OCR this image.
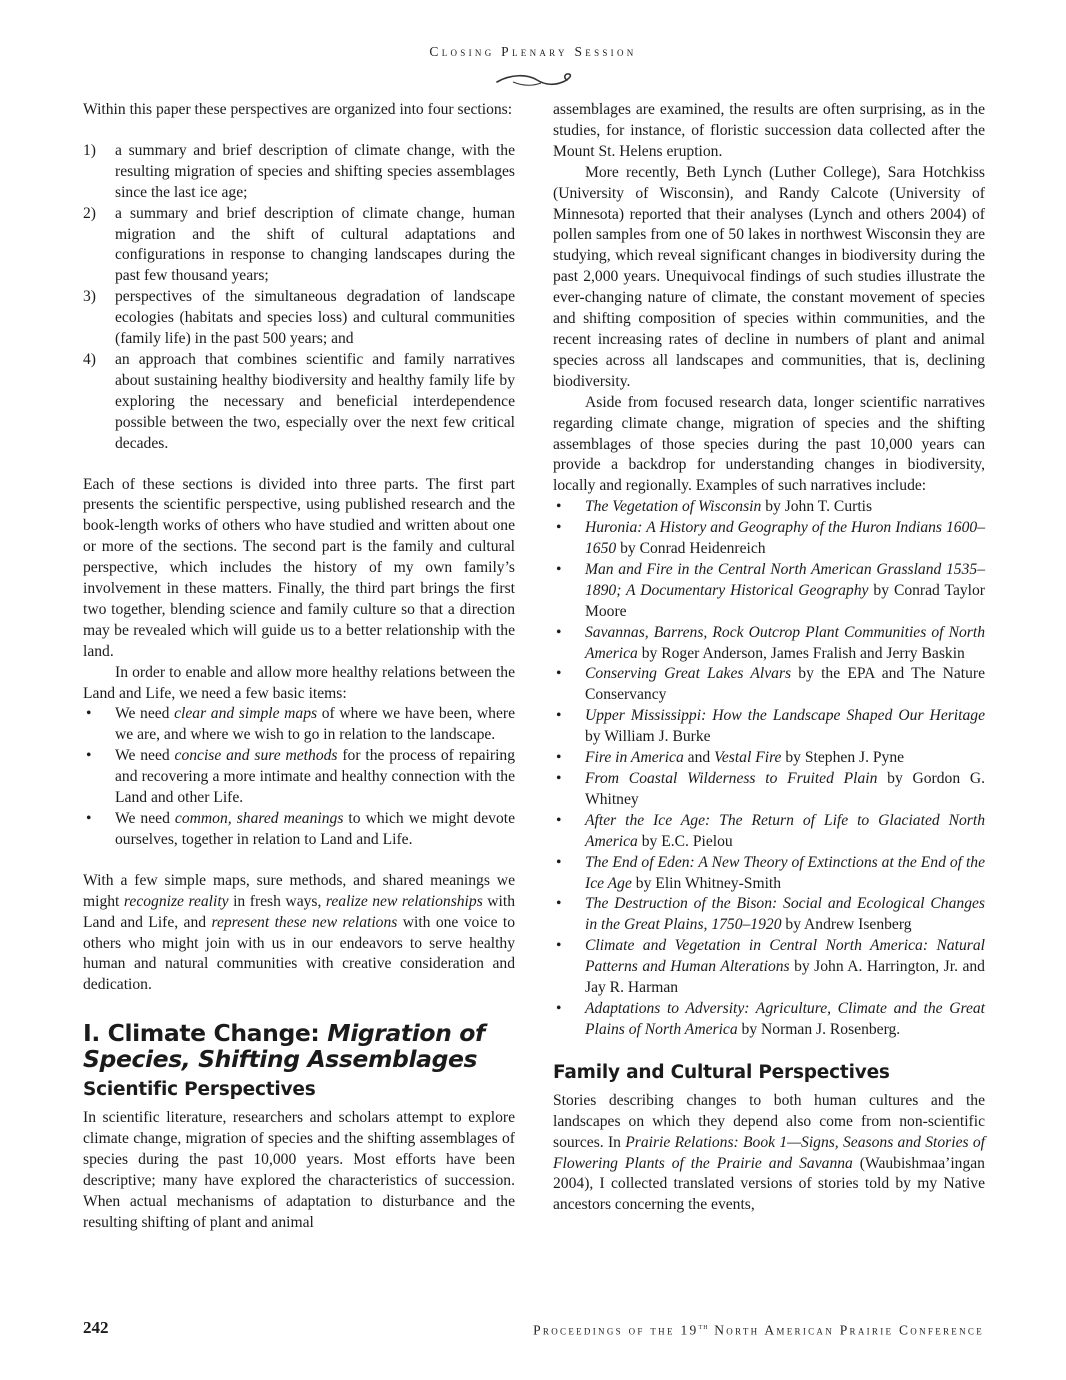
Closing Plenary Session

Within this paper these perspectives are organized into four sections:

1) a summary and brief description of climate change, with the resulting migration of species and shifting species assemblages since the last ice age;
2) a summary and brief description of climate change, human migration and the shift of cultural adaptations and configurations in response to changing landscapes during the past few thousand years;
3) perspectives of the simultaneous degradation of landscape ecologies (habitats and species loss) and cultural communities (family life) in the past 500 years; and
4) an approach that combines scientific and family narratives about sustaining healthy biodiversity and healthy family life by exploring the necessary and beneficial interdependence possible between the two, especially over the next few critical decades.

Each of these sections is divided into three parts. The first part presents the scientific perspective, using published research and the book-length works of others who have studied and written about one or more of the sections. The second part is the family and cultural perspective, which includes the history of my own family’s involvement in these matters. Finally, the third part brings the first two together, blending science and family culture so that a direction may be revealed which will guide us to a better relationship with the land.

In order to enable and allow more healthy relations between the Land and Life, we need a few basic items:

• We need clear and simple maps of where we have been, where we are, and where we wish to go in relation to the landscape.
• We need concise and sure methods for the process of repairing and recovering a more intimate and healthy connection with the Land and other Life.
• We need common, shared meanings to which we might devote ourselves, together in relation to Land and Life.

With a few simple maps, sure methods, and shared meanings we might recognize reality in fresh ways, realize new relationships with Land and Life, and represent these new relations with one voice to others who might join with us in our endeavors to serve healthy human and natural communities with creative consideration and dedication.

I. Climate Change: Migration of Species, Shifting Assemblages
Scientific Perspectives

In scientific literature, researchers and scholars attempt to explore climate change, migration of species and the shifting assemblages of species during the past 10,000 years. Most efforts have been descriptive; many have explored the characteristics of succession. When actual mechanisms of adaptation to disturbance and the resulting shifting of plant and animal

assemblages are examined, the results are often surprising, as in the studies, for instance, of floristic succession data collected after the Mount St. Helens eruption.

More recently, Beth Lynch (Luther College), Sara Hotchkiss (University of Wisconsin), and Randy Calcote (University of Minnesota) reported that their analyses (Lynch and others 2004) of pollen samples from one of 50 lakes in northwest Wisconsin they are studying, which reveal significant changes in biodiversity during the past 2,000 years. Unequivocal findings of such studies illustrate the ever-changing nature of climate, the constant movement of species and shifting composition of species within communities, and the recent increasing rates of decline in numbers of plant and animal species across all landscapes and communities, that is, declining biodiversity.

Aside from focused research data, longer scientific narratives regarding climate change, migration of species and the shifting assemblages of those species during the past 10,000 years can provide a backdrop for understanding changes in biodiversity, locally and regionally. Examples of such narratives include:

• The Vegetation of Wisconsin by John T. Curtis
• Huronia: A History and Geography of the Huron Indians 1600–1650 by Conrad Heidenreich
• Man and Fire in the Central North American Grassland 1535–1890; A Documentary Historical Geography by Conrad Taylor Moore
• Savannas, Barrens, Rock Outcrop Plant Communities of North America by Roger Anderson, James Fralish and Jerry Baskin
• Conserving Great Lakes Alvars by the EPA and The Nature Conservancy
• Upper Mississippi: How the Landscape Shaped Our Heritage by William J. Burke
• Fire in America and Vestal Fire by Stephen J. Pyne
• From Coastal Wilderness to Fruited Plain by Gordon G. Whitney
• After the Ice Age: The Return of Life to Glaciated North America by E.C. Pielou
• The End of Eden: A New Theory of Extinctions at the End of the Ice Age by Elin Whitney-Smith
• The Destruction of the Bison: Social and Ecological Changes in the Great Plains, 1750–1920 by Andrew Isenberg
• Climate and Vegetation in Central North America: Natural Patterns and Human Alterations by John A. Harrington, Jr. and Jay R. Harman
• Adaptations to Adversity: Agriculture, Climate and the Great Plains of North America by Norman J. Rosenberg.
Family and Cultural Perspectives

Stories describing changes to both human cultures and the landscapes on which they depend also come from non-scientific sources. In Prairie Relations: Book 1—Signs, Seasons and Stories of Flowering Plants of the Prairie and Savanna (Waubishmaa’ingan 2004), I collected translated versions of stories told by my Native ancestors concerning the events,

242	Proceedings of the 19th North American Prairie Conference
